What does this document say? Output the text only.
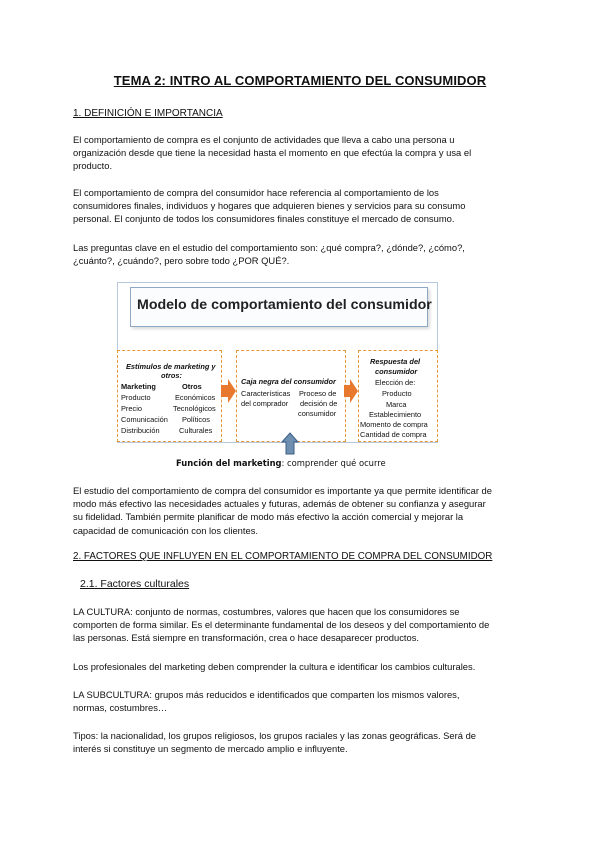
TEMA 2: INTRO AL COMPORTAMIENTO DEL CONSUMIDOR
1. DEFINICIÓN E IMPORTANCIA
El comportamiento de compra es el conjunto de actividades que lleva a cabo una persona u
organización desde que tiene la necesidad hasta el momento en que efectúa la compra y usa el
producto.
El comportamiento de compra del consumidor hace referencia al comportamiento de los
consumidores finales, individuos y hogares que adquieren bienes y servicios para su consumo
personal. El conjunto de todos los consumidores finales constituye el mercado de consumo.
Las preguntas clave en el estudio del comportamiento son: ¿qué compra?, ¿dónde?, ¿cómo?,
¿cuánto?, ¿cuándo?, pero sobre todo ¿POR QUÉ?.
Modelo de comportamiento del consumidor
Estímulos de marketing y
otros:
Marketing	Otros
Producto
Precio
Comunicación
Distribución
Económicos
Tecnológicos
Políticos
Culturales
Caja negra del consumidor
Características
del comprador
Proceso de
decisión de
consumidor
Respuesta del
consumidor
Elección de:
Producto
Marca
Establecimiento
Momento de compra
Cantidad de compra
Función del marketing: comprender qué ocurre
El estudio del comportamiento de compra del consumidor es importante ya que permite identificar de
modo más efectivo las necesidades actuales y futuras, además de obtener su confianza y asegurar
su fidelidad. También permite planificar de modo más efectivo la acción comercial y mejorar la
capacidad de comunicación con los clientes.
2. FACTORES QUE INFLUYEN EN EL COMPORTAMIENTO DE COMPRA DEL CONSUMIDOR
2.1. Factores culturales
LA CULTURA: conjunto de normas, costumbres, valores que hacen que los consumidores se
comporten de forma similar. Es el determinante fundamental de los deseos y del comportamiento de
las personas. Está siempre en transformación, crea o hace desaparecer productos.
Los profesionales del marketing deben comprender la cultura e identificar los cambios culturales.
LA SUBCULTURA: grupos más reducidos e identificados que comparten los mismos valores,
normas, costumbres…
Tipos: la nacionalidad, los grupos religiosos, los grupos raciales y las zonas geográficas. Será de
interés si constituye un segmento de mercado amplio e influyente.
